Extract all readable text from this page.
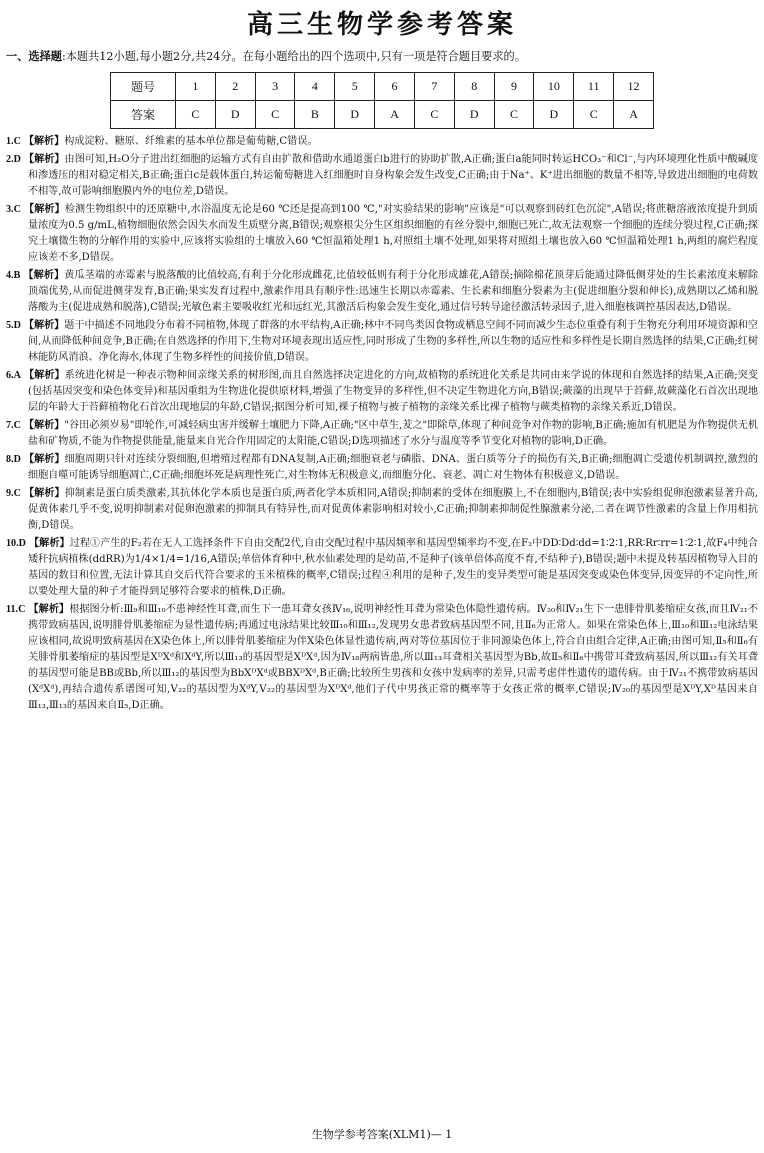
高三生物学参考答案
一、选择题:本题共12小题,每小题2分,共24分。在每小题给出的四个选项中,只有一项是符合题目要求的。
题号	1	2	3	4	5	6	7	8	9	10	11	12
答案	C	D	C	B	D	A	C	D	C	D	C	A

1.C 【解析】构成淀粉、糖原、纤维素的基本单位都是葡萄糖,C错误。

2.D 【解析】由图可知,H₂O分子进出红细胞的运输方式有自由扩散和借助水通道蛋白b进行的协助扩散,A正确;蛋白a能同时转运HCO₃⁻和Cl⁻,与内环境理化性质中酸碱度和渗透压的相对稳定相关,B正确;蛋白c是载体蛋白,转运葡萄糖进入红细胞时自身构象会发生改变,C正确;由于Na⁺、K⁺进出细胞的数量不相等,导致进出细胞的电荷数不相等,故可影响细胞膜内外的电位差,D错误。

3.C 【解析】检测生物组织中的还原糖中,水浴温度无论是60 ℃还是提高到100 ℃,"对实验结果的影响"应该是"可以观察到砖红色沉淀",A错误;将蔗糖溶液浓度提升到质量浓度为0.5 g/mL,植物细胞依然会因失水而发生质壁分离,B错误;观察根尖分生区组织细胞的有丝分裂中,细胞已死亡,故无法观察一个细胞的连续分裂过程,C正确;探究土壤微生物的分解作用的实验中,应该将实验组的土壤放入60 ℃恒温箱处理1 h,对照组土壤不处理,如果将对照组土壤也放入60 ℃恒温箱处理1 h,两组的腐烂程度应该差不多,D错误。

4.B 【解析】黄瓜茎端的赤霉素与脱落酸的比值较高,有利于分化形成雌花,比值较低则有利于分化形成雄花,A错误;摘除棉花顶芽后能通过降低侧芽处的生长素浓度来解除顶端优势,从而促进侧芽发育,B正确;果实发育过程中,激素作用具有顺序性:迅速生长期以赤霉素、生长素和细胞分裂素为主(促进细胞分裂和伸长),成熟期以乙烯和脱落酸为主(促进成熟和脱落),C错误;光敏色素主要吸收红光和远红光,其激活后构象会发生变化,通过信号转导途径激活转录因子,进入细胞核调控基因表达,D错误。

5.D 【解析】题干中描述不同地段分布着不同植物,体现了群落的水平结构,A正确;林中不同鸟类因食物或栖息空间不同而减少生态位重叠有利于生物充分利用环境资源和空间,从而降低种间竞争,B正确;在自然选择的作用下,生物对环境表现出适应性,同时形成了生物的多样性,所以生物的适应性和多样性是长期自然选择的结果,C正确;红树林能防风消浪、净化海水,体现了生物多样性的间接价值,D错误。

6.A 【解析】系统进化树是一种表示物种间亲缘关系的树形图,而且自然选择决定进化的方向,故植物的系统进化关系是共同由来学说的体现和自然选择的结果,A正确;突变(包括基因突变和染色体变异)和基因重组为生物进化提供原材料,增强了生物变异的多样性,但不决定生物进化方向,B错误;蕨藻的出现早于苔藓,故蕨藻化石首次出现地层的年龄大于苔藓植物化石首次出现地层的年龄,C错误;据图分析可知,裸子植物与被子植物的亲缘关系比裸子植物与蕨类植物的亲缘关系近,D错误。

7.C 【解析】"谷田必须岁易"即轮作,可减轻病虫害并缓解土壤肥力下降,A正确;"区中草生,茇之"即除草,体现了种间竞争对作物的影响,B正确;施加有机肥是为作物提供无机盐和矿物质,不能为作物提供能量,能量来自光合作用固定的太阳能,C错误;D选项描述了水分与温度等季节变化对植物的影响,D正确。

8.D 【解析】细胞周期只针对连续分裂细胞,但增殖过程都有DNA复制,A正确;细胞衰老与磷脂、DNA、蛋白质等分子的损伤有关,B正确;细胞凋亡受遗传机制调控,激烈的细胞自噬可能诱导细胞凋亡,C正确;细胞坏死是病理性死亡,对生物体无积极意义,而细胞分化、衰老、凋亡对生物体有积极意义,D错误。

9.C 【解析】抑制素是蛋白质类激素,其抗体化学本质也是蛋白质,两者化学本质相同,A错误;抑制素的受体在细胞膜上,不在细胞内,B错误;表中实验组促卵泡激素显著升高,促黄体素几乎不变,说明抑制素对促卵泡激素的抑制具有特异性,而对促黄体素影响相对较小,C正确;抑制素抑制促性腺激素分泌,二者在调节性激素的含量上作用相抗衡,D错误。

10.D 【解析】过程①产生的F₂若在无人工选择条件下自由交配2代,自由交配过程中基因频率和基因型频率均不变,在F₂中DD∶Dd∶dd=1∶2∶1,RR∶Rr∶rr=1∶2∶1,故F₄中纯合矮秆抗病植株(ddRR)为1/4×1/4=1/16,A错误;单倍体育种中,秋水仙素处理的是幼苗,不是种子(该单倍体高度不育,不结种子),B错误;题中未提及转基因植物导入目的基因的数目和位置,无法计算其自交后代符合要求的玉米植株的概率,C错误;过程④利用的是种子,发生的变异类型可能是基因突变或染色体变异,因变异的不定向性,所以要处理大量的种子才能得到足够符合要求的植株,D正确。

11.C 【解析】根据图分析:Ⅲ₉和Ⅲ₁₀不患神经性耳聋,而生下一患耳聋女孩Ⅳ₁₆,说明神经性耳聋为常染色体隐性遗传病。Ⅳ₂₀和Ⅳ₂₁生下一患腓骨肌萎缩症女孩,而且Ⅳ₂₁不携带致病基因,说明腓骨肌萎缩症为显性遗传病;再通过电泳结果比较Ⅲ₁₀和Ⅲ₁₂,发现男女患者致病基因型不同,且Ⅱ₆为正常人。如果在常染色体上,Ⅲ₁₀和Ⅲ₁₂电泳结果应该相同,故说明致病基因在X染色体上,所以腓骨肌萎缩症为伴X染色体显性遗传病,两对等位基因位于非同源染色体上,符合自由组合定律,A正确;由图可知,Ⅱ₅和Ⅱ₆有关腓骨肌萎缩症的基因型是XᴰXᵈ和XᵈY,所以Ⅲ₁₃的基因型是XᴰXᵈ,因为Ⅳ₁₈两病皆患,所以Ⅲ₁₃耳聋相关基因型为Bb,故Ⅱ₅和Ⅱ₆中携带耳聋致病基因,所以Ⅲ₁₂有关耳聋的基因型可能是BB或Bb,所以Ⅲ₁₂的基因型为BbXᴰXᵈ或BBXᴰXᵈ,B正确;比较所生男孩和女孩中发病率的差异,只需考虑伴性遗传的遗传病。由于Ⅳ₂₁不携带致病基因(XᵈXᵈ),再结合遗传系谱图可知,Ⅴ₂₂的基因型为XᵈY,Ⅴ₂₂的基因型为XᴰXᵈ,他们子代中男孩正常的概率等于女孩正常的概率,C错误;Ⅳ₂₀的基因型是XᴰY,Xᴰ基因来自Ⅲ₁₃,Ⅲ₁₃的基因来自Ⅱ₅,D正确。

生物学参考答案(XLM1)— 1
